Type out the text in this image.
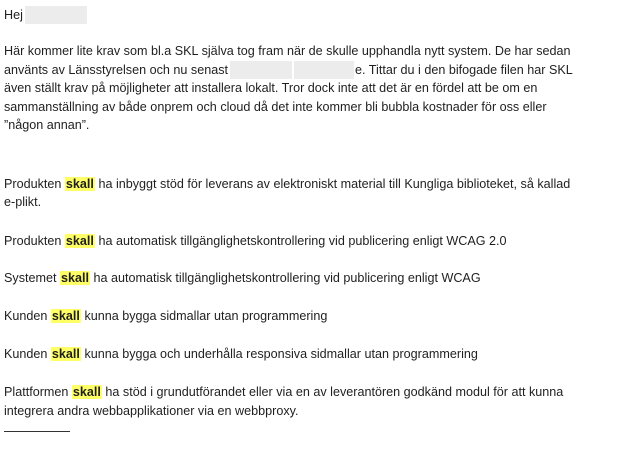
Hej
Här kommer lite krav som bl.a SKL själva tog fram när de skulle upphandla nytt system. De har sedan
använts av Länsstyrelsen och nu senast	e. Tittar du i den bifogade filen har SKL
även ställt krav på möjligheter att installera lokalt. Tror dock inte att det är en fördel att be om en
sammanställning av både onprem och cloud då det inte kommer bli bubbla kostnader för oss eller
”någon annan”.
Produkten skall ha inbyggt stöd för leverans av elektroniskt material till Kungliga biblioteket, så kallad
e-plikt.
Produkten skall ha automatisk tillgänglighetskontrollering vid publicering enligt WCAG 2.0
Systemet skall ha automatisk tillgänglighetskontrollering vid publicering enligt WCAG
Kunden skall kunna bygga sidmallar utan programmering
Kunden skall kunna bygga och underhålla responsiva sidmallar utan programmering
Plattformen skall ha stöd i grundutförandet eller via en av leverantören godkänd modul för att kunna
integrera andra webbapplikationer via en webbproxy.
